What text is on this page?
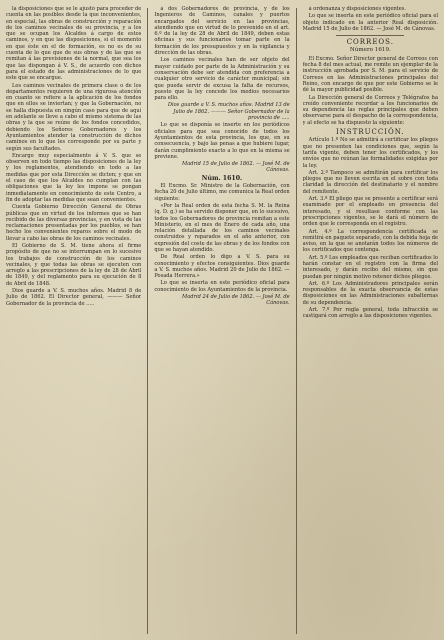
la disposiciones que se le ajustó para proceder de cuenta en las posibles desde la que inconvenientes, en especial, las obras de construcción y reparación de los caminos vecinales de su provincia, y a los que se ocupan los Alcaldes á cargo de estos caminos, y en que las disposiciones, si el momento en que éste en el de formación, es no es de su cuenta de lo que que de sus obras y de las que se remitan á las previsiones de la normal, que sea los que las dispongan á V. S., de acuerdo con dichos para el estado de las administraciones de lo que este que se encargue.

Los caminos vecinales de primera clase o de los departamentos requieren de una rigurosa atención en cuanto se refiere a la aplicación de los fondos que en ellos se inviertan; y que la Gobernación, no se halla dispuesta en ningún caso para que de aquí en adelante se lleve a cabo el mismo sistema de las obras y la que se reúne de los fondos concedidos, debiendo los Señores Gobernadores y los Ayuntamientos atender la construcción de dichos caminos en lo que les corresponde por su parte y según sus facultades.

Encargo muy especialmente á V. S. que se observen en todo tiempo las disposiciones de la ley y los reglamentos, atendiendo en todo a las medidas que por esta Dirección se dicten; y que en el caso de que los Alcaldes no cumplan con las obligaciones que la ley les impone se pongan inmediatamente en conocimiento de este Centro, a fin de adoptar las medidas que sean convenientes.

Cuenta Gobierno Dirección General de Obras públicas que en virtud de los informes que se han recibido de las diversas provincias, y en vista de las reclamaciones presentadas por los pueblos, se han hecho los convenientes reparos sobre el modo de llevar a cabo las obras de los caminos vecinales.

El Gobierno de S. M. tiene ahora el firme propósito de que no se interrumpan en lo sucesivo los trabajos de construcción de los caminos vecinales, y que todas las obras se ejecuten con arreglo a las prescripciones de la ley de 28 de Abril de 1849, y del reglamento para su ejecución de 8 de Abril de 1848.

Dios guarde a V. S. muchos años. Madrid 8 de Julio de 1862. El Director general, ——— Señor Gobernador de la provincia de .....

á dos Gobernadores de provincia, y de los Ingenieros de Caminos, canales y puertos encargados del servicio en las provincias, atendiendo que en virtud de lo prevenido en el art. 6.º de la ley de 28 de Abril de 1849, deben estas oficinas y sus funcionarios tomar parte en la formación de los presupuestos y en la vigilancia y dirección de las obras.

Los caminos vecinales han de ser objeto del mayor cuidado por parte de la Administración y su conservación debe ser atendida con preferencia a cualquier otro servicio de carácter municipal; sin que pueda servir de excusa la falta de recursos, puesto que la ley concede los medios necesarios para ello.

Dios guarde a V. S. muchos años. Madrid 13 de Julio de 1862. ——— Señor Gobernador de la provincia de .....

Lo que se disponía se inserte en los periódicos oficiales para que sea conocido de todos los Ayuntamientos de esta provincia, los que, en su consecuencia, y bajo las penas a que hubiere lugar, darán cumplimiento exacto a lo que en la misma se previene.

Madrid 15 de Julio de 1862. — José M. de Cánovas.

Núm. 1610.

El Excmo. Sr. Ministro de la Gobernación, con fecha 20 de Julio último, me comunica la Real orden siguiente:

«Por la Real orden de esta fecha S. M. la Reina (q. D. g.) se ha servido disponer que, en lo sucesivo, todos los Gobernadores de provincia remitan a este Ministerio, en el mes de Enero de cada año, una relación detallada de los caminos vecinales construidos y reparados en el año anterior, con expresión del coste de las obras y de los fondos con que se hayan atendido.

De Real orden lo digo a V. S. para su conocimiento y efectos consiguientes. Dios guarde a V. S. muchos años. Madrid 20 de Julio de 1862. — Posada Herrera.»

Lo que se inserta en este periódico oficial para conocimiento de los Ayuntamientos de la provincia.

Madrid 24 de Julio de 1862. — José M. de Cánovas.

á ordenanza y disposiciones vigentes.

Lo que se inserta en este periódico oficial para el objeto indicado en la anterior Real disposición. Madrid 15 de Julio de 1862. — José M. de Cánovas.

CORREOS.
Número 1619.

El Excmo. Señor Director general de Correos con fecha 8 del mes actual, me remite un ejemplar de la instrucción aprobada por S. M. para el servicio de Correos en las Administraciones principales del Reino, con encargo de que por este Gobierno se le dé la mayor publicidad posible.

La Dirección general de Correos y Telégrafos ha creído conveniente recordar a los funcionarios de su dependencia las reglas principales que deben observarse para el despacho de la correspondencia, y al efecto se ha dispuesto la siguiente:

INSTRUCCIÓN.

Artículo 1.º No se admitirá a certificar los pliegos que no presenten las condiciones que, según la tarifa vigente, deben tener los certificados, y los envíos que no reúnan las formalidades exigidas por la ley.

Art. 2.º Tampoco se admitirán para certificar los pliegos que no lleven escrita en el sobre con toda claridad la dirección del destinatario y el nombre del remitente.

Art. 3.º El pliego que se presente a certificar será examinado por el empleado en presencia del interesado, y si resultase conforme con las prescripciones vigentes, se le dará el número de orden que le corresponda en el registro.

Art. 4.º La correspondencia certificada se remitirá en paquete separado, con la debida hoja de aviso, en la que se anotarán todos los números de los certificados que contenga.

Art. 5.º Los empleados que reciban certificados lo harán constar en el registro con la firma del interesado, y darán recibo del mismo, sin que puedan por ningún motivo retener dichos pliegos.

Art. 6.º Los Administradores principales serán responsables de la exacta observancia de estas disposiciones en las Administraciones subalternas de su dependencia.

Art. 7.º Por regla general, toda infracción se castigará con arreglo a las disposiciones vigentes.
